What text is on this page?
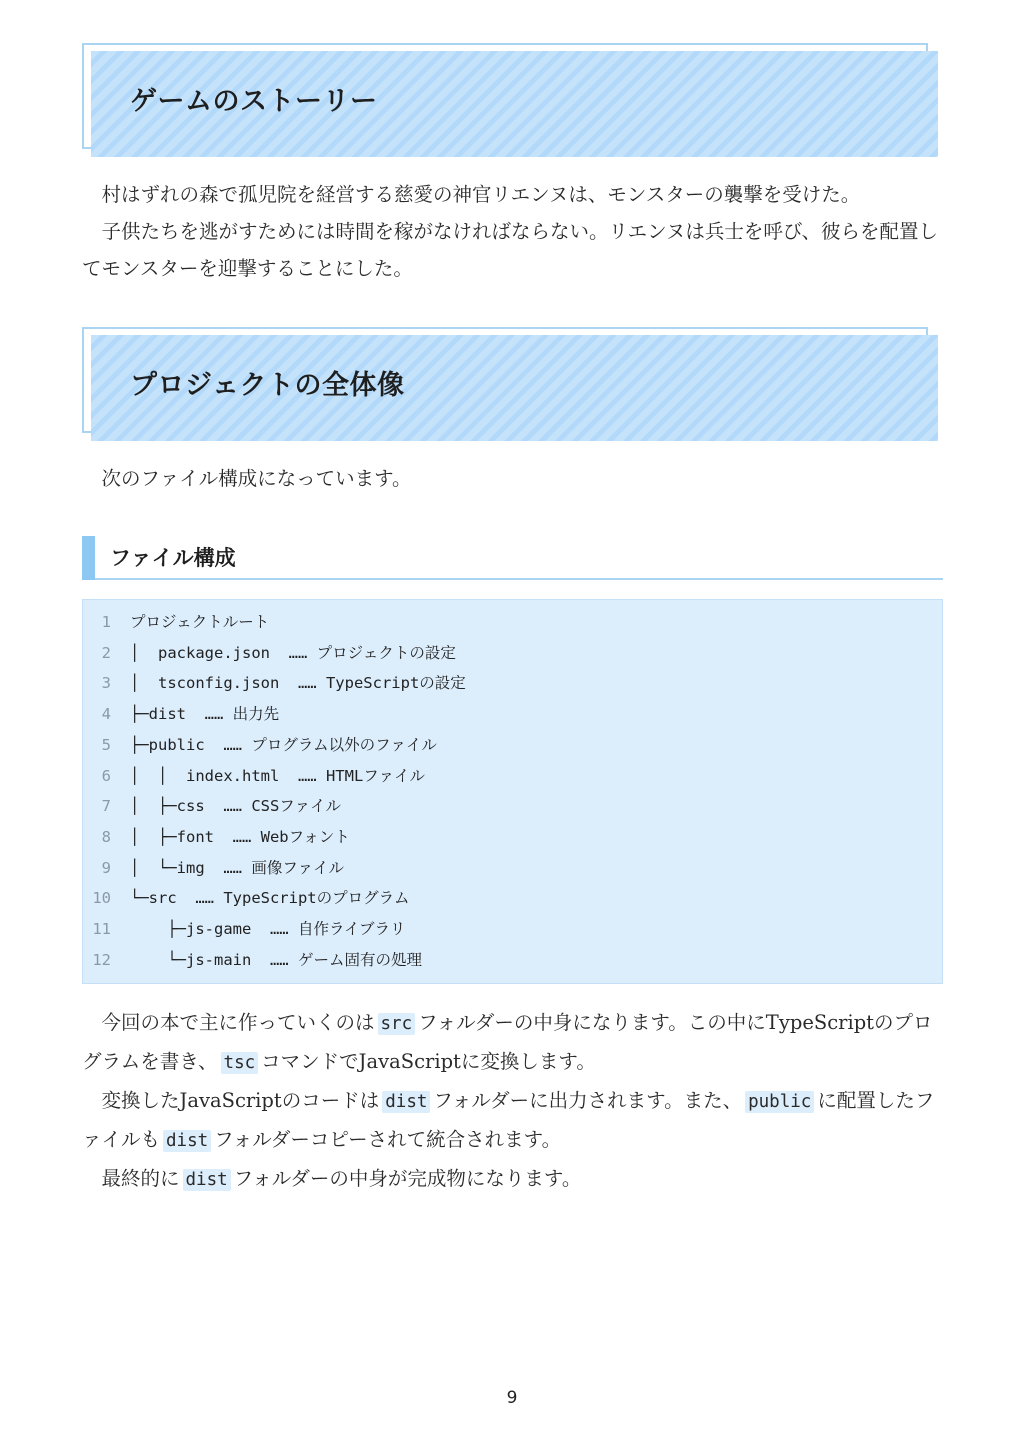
ゲームのストーリー

村はずれの森で孤児院を経営する慈愛の神官リエンヌは、モンスターの襲撃を受けた。

子供たちを逃がすためには時間を稼がなければならない。リエンヌは兵士を呼び、彼らを配置してモンスターを迎撃することにした。

プロジェクトの全体像

次のファイル構成になっています。

ファイル構成
1 プロジェクトルート
2 │  package.json  …… プロジェクトの設定
3 │  tsconfig.json  …… TypeScriptの設定
4 ├─dist  …… 出力先
5 ├─public  …… プログラム以外のファイル
6 │  │  index.html  …… HTMLファイル
7 │  ├─css  …… CSSファイル
8 │  ├─font  …… Webフォント
9 │  └─img  …… 画像ファイル
10 └─src  …… TypeScriptのプログラム
11    ├─js-game  …… 自作ライブラリ
12    └─js-main  …… ゲーム固有の処理

今回の本で主に作っていくのは src フォルダーの中身になります。この中にTypeScriptのプログラムを書き、 tsc コマンドでJavaScriptに変換します。

変換したJavaScriptのコードは dist フォルダーに出力されます。また、 public に配置したファイルも dist フォルダーコピーされて統合されます。

最終的に dist フォルダーの中身が完成物になります。

9
